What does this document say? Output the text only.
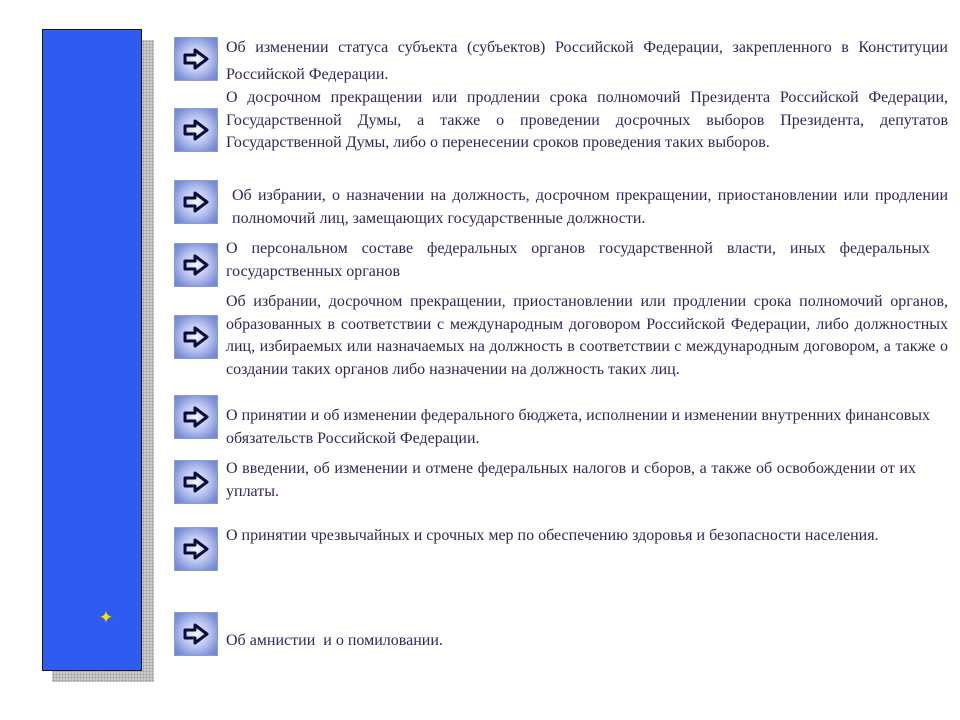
✦
Об изменении статуса субъекта (субъектов) Российской Федерации, закрепленного в Конституции Российской Федерации.
О досрочном прекращении или продлении срока полномочий Президента Российской Федерации, Государственной Думы, а также о проведении досрочных выборов Президента, депутатов Государственной Думы, либо о перенесении сроков проведения таких выборов.
Об избрании, о назначении на должность, досрочном прекращении, приостановлении или продлении полномочий лиц, замещающих государственные должности.
О персональном составе федеральных органов государственной власти, иных федеральных государственных органов
Об избрании, досрочном прекращении, приостановлении или продлении срока полномочий органов, образованных в соответствии с международным договором Российской Федерации, либо должностных лиц, избираемых или назначаемых на должность в соответствии с международным договором, а также о создании таких органов либо назначении на должность таких лиц.
О принятии и об изменении федерального бюджета, исполнении и изменении внутренних финансовых обязательств Российской Федерации.
О введении, об изменении и отмене федеральных налогов и сборов, а также об освобождении от их уплаты.
О принятии чрезвычайных и срочных мер по обеспечению здоровья и безопасности населения.
Об амнистии  и о помиловании.
